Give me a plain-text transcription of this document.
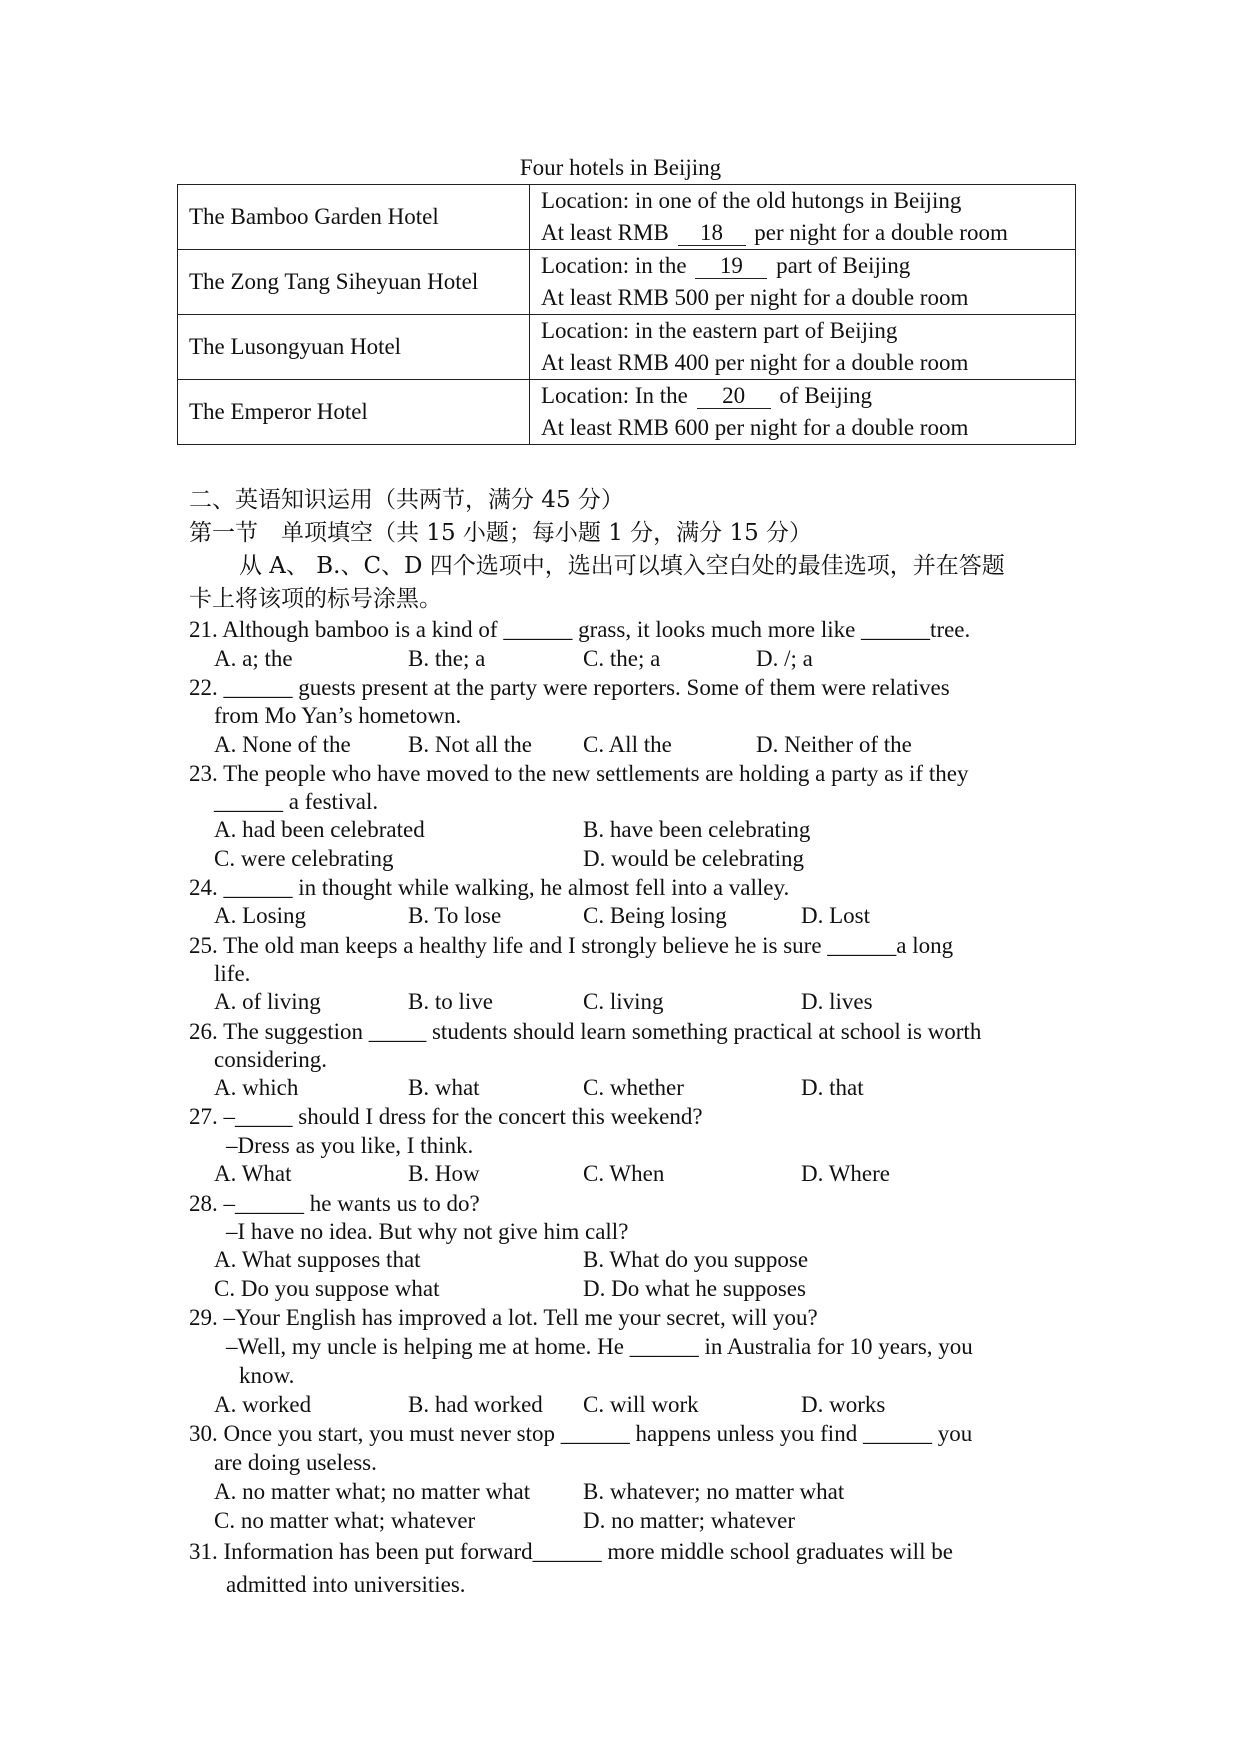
Four hotels in Beijing
The Bamboo Garden Hotel	Location: in one of the old hutongs in Beijing
At least RMB 18 per night for a double room

The Zong Tang Siheyuan Hotel	Location: in the 19 part of Beijing
At least RMB 500 per night for a double room

The Lusongyuan Hotel	Location: in the eastern part of Beijing
At least RMB 400 per night for a double room

The Emperor Hotel	Location: In the 20 of Beijing
At least RMB 600 per night for a double room
二、英语知识运用（共两节，满分 45 分）
第一节　单项填空（共 15 小题；每小题 1 分，满分 15 分）
从 A、 B.、C、D 四个选项中，选出可以填入空白处的最佳选项，并在答题
卡上将该项的标号涂黑。
21. Although bamboo is a kind of ______ grass, it looks much more like ______tree.
A. a; the	B. the; a	C. the; a	D. /; a
22. ______ guests present at the party were reporters. Some of them were relatives
from Mo Yan’s hometown.
A. None of the B. Not all the C. All the	D. Neither of the
23. The people who have moved to the new settlements are holding a party as if they
______ a festival.
A. had been celebrated	B. have been celebrating
C. were celebrating	D. would be celebrating
24. ______ in thought while walking, he almost fell into a valley.
A. Losing	B. To lose	C. Being losing	D. Lost
25. The old man keeps a healthy life and I strongly believe he is sure ______a long
life.
A. of living	B. to live	C. living	D. lives
26. The suggestion _____ students should learn something practical at school is worth
considering.
A. which	B. what	C. whether	D. that
27. –_____ should I dress for the concert this weekend?
–Dress as you like, I think.
A. What	B. How	C. When	D. Where
28. –______ he wants us to do?
–I have no idea. But why not give him call?
A. What supposes that	B. What do you suppose
C. Do you suppose what	D. Do what he supposes
29. –Your English has improved a lot. Tell me your secret, will you?
–Well, my uncle is helping me at home. He ______ in Australia for 10 years, you
know.
A. worked	B. had worked C. will work	D. works
30. Once you start, you must never stop ______ happens unless you find ______ you
are doing useless.
A. no matter what; no matter what B. whatever; no matter what
C. no matter what; whatever	D. no matter; whatever
31. Information has been put forward______ more middle school graduates will be
admitted into universities.
